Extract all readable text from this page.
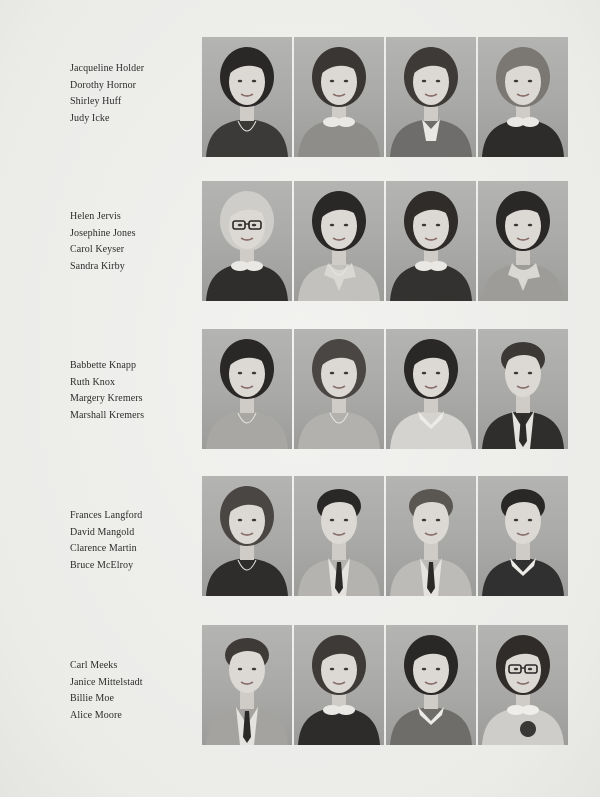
Jacqueline Holder
Dorothy Hornor
Shirley Huff
Judy Icke
Helen Jervis
Josephine Jones
Carol Keyser
Sandra Kirby
Babbette Knapp
Ruth Knox
Margery Kremers
Marshall Kremers
Frances Langford
David Mangold
Clarence Martin
Bruce McElroy
Carl Meeks
Janice Mittelstadt
Billie Moe
Alice Moore
